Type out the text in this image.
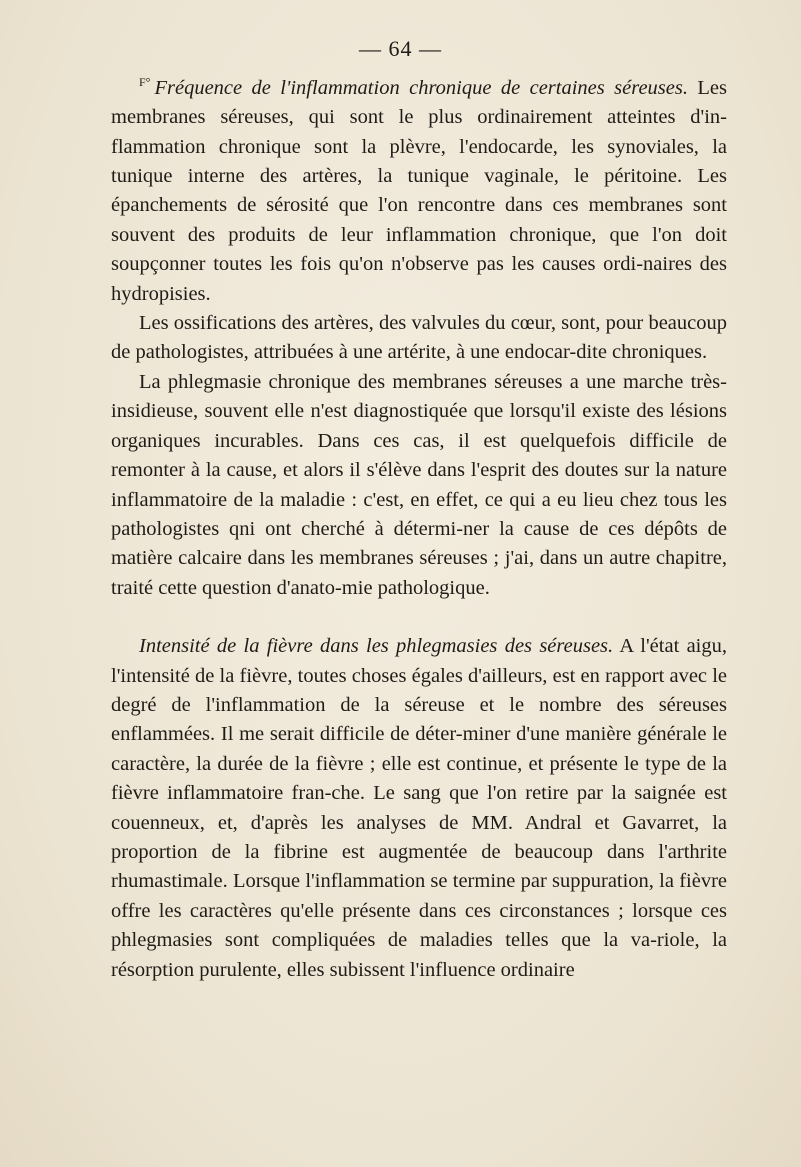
— 64 —

$^{F^\circ}$ Fréquence de l'inflammation chronique de certaines séreuses. Les membranes séreuses, qui sont le plus ordinairement atteintes d'in-flammation chronique sont la plèvre, l'endocarde, les synoviales, la tunique interne des artères, la tunique vaginale, le péritoine. Les épanchements de sérosité que l'on rencontre dans ces membranes sont souvent des produits de leur inflammation chronique, que l'on doit soupçonner toutes les fois qu'on n'observe pas les causes ordi-naires des hydropisies.

Les ossifications des artères, des valvules du cœur, sont, pour beaucoup de pathologistes, attribuées à une artérite, à une endocar-dite chroniques.

La phlegmasie chronique des membranes séreuses a une marche très-insidieuse, souvent elle n'est diagnostiquée que lorsqu'il existe des lésions organiques incurables. Dans ces cas, il est quelquefois difficile de remonter à la cause, et alors il s'élève dans l'esprit des doutes sur la nature inflammatoire de la maladie : c'est, en effet, ce qui a eu lieu chez tous les pathologistes qni ont cherché à détermi-ner la cause de ces dépôts de matière calcaire dans les membranes séreuses ; j'ai, dans un autre chapitre, traité cette question d'anato-mie pathologique.

Intensité de la fièvre dans les phlegmasies des séreuses. A l'état aigu, l'intensité de la fièvre, toutes choses égales d'ailleurs, est en rapport avec le degré de l'inflammation de la séreuse et le nombre des séreuses enflammées. Il me serait difficile de déter-miner d'une manière générale le caractère, la durée de la fièvre ; elle est continue, et présente le type de la fièvre inflammatoire fran-che. Le sang que l'on retire par la saignée est couenneux, et, d'après les analyses de MM. Andral et Gavarret, la proportion de la fibrine est augmentée de beaucoup dans l'arthrite rhumastimale. Lorsque l'inflammation se termine par suppuration, la fièvre offre les caractères qu'elle présente dans ces circonstances ; lorsque ces phlegmasies sont compliquées de maladies telles que la va-riole, la résorption purulente, elles subissent l'influence ordinaire
